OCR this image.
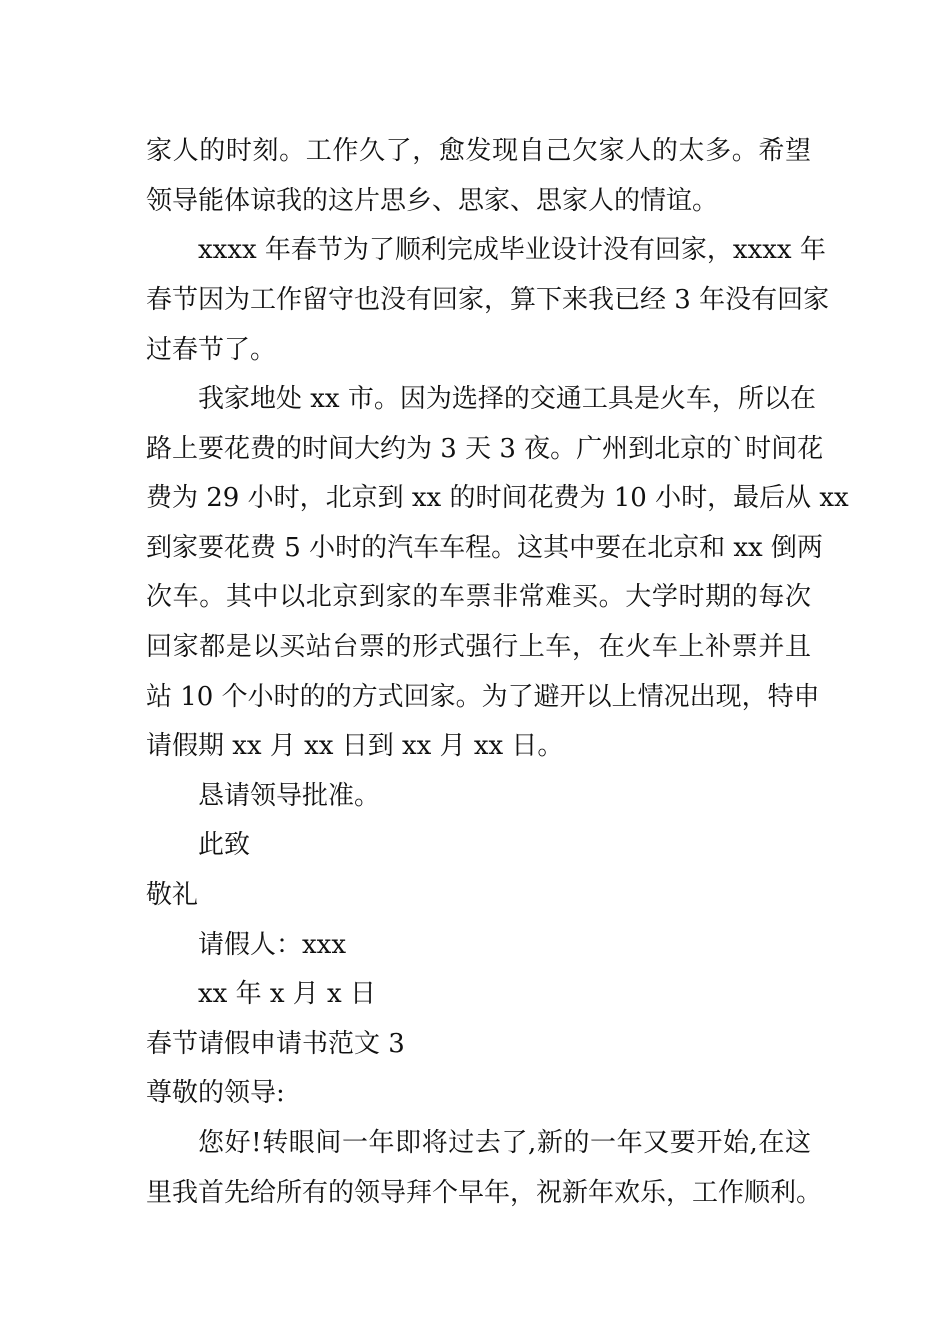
家人的时刻。工作久了，愈发现自己欠家人的太多。希望
领导能体谅我的这片思乡、思家、思家人的情谊。
xxxx 年春节为了顺利完成毕业设计没有回家，xxxx 年
春节因为工作留守也没有回家，算下来我已经 3 年没有回家
过春节了。
我家地处 xx 市。因为选择的交通工具是火车，所以在
路上要花费的时间大约为 3 天 3 夜。广州到北京的`时间花
费为 29 小时，北京到 xx 的时间花费为 10 小时，最后从 xx
到家要花费 5 小时的汽车车程。这其中要在北京和 xx 倒两
次车。其中以北京到家的车票非常难买。大学时期的每次
回家都是以买站台票的形式强行上车，在火车上补票并且
站 10 个小时的的方式回家。为了避开以上情况出现，特申
请假期 xx 月 xx 日到 xx 月 xx 日。
恳请领导批准。
此致
敬礼
请假人：xxx
xx 年 x 月 x 日
春节请假申请书范文 3
尊敬的领导:
您好!转眼间一年即将过去了,新的一年又要开始,在这
里我首先给所有的领导拜个早年，祝新年欢乐，工作顺利。
